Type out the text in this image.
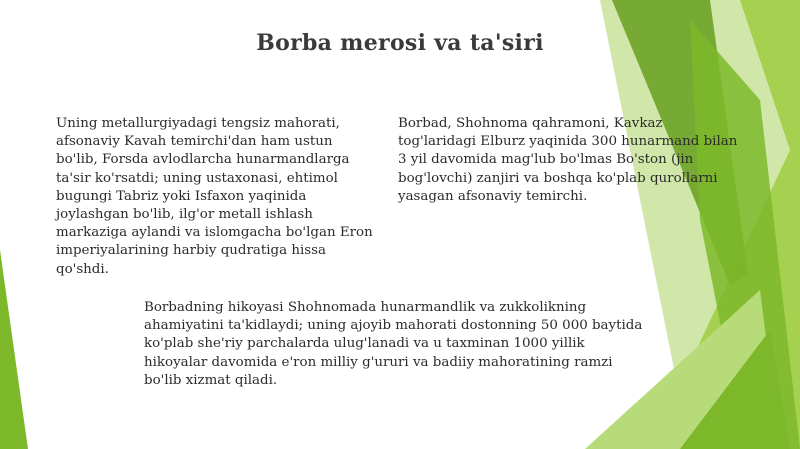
Borba merosi va ta'siri

Uning metallurgiyadagi tengsiz mahorati, afsonaviy Kavah temirchi'dan ham ustun bo'lib, Forsda avlodlarcha hunarmandlarga ta'sir ko'rsatdi; uning ustaxonasi, ehtimol bugungi Tabriz yoki Isfaxon yaqinida joylashgan bo'lib, ilg'or metall ishlash markaziga aylandi va islomgacha bo'lgan Eron imperiyalarining harbiy qudratiga hissa qo'shdi.

Borbad, Shohnoma qahramoni, Kavkaz tog'laridagi Elburz yaqinida 300 hunarmand bilan 3 yil davomida mag'lub bo'lmas Bo'ston (jin bog'lovchi) zanjiri va boshqa ko'plab qurollarni yasagan afsonaviy temirchi.

Borbadning hikoyasi Shohnomada hunarmandlik va zukkolikning ahamiyatini ta'kidlaydi; uning ajoyib mahorati dostonning 50 000 baytida ko'plab she'riy parchalarda ulug'lanadi va u taxminan 1000 yillik hikoyalar davomida e'ron milliy g'ururi va badiiy mahoratining ramzi bo'lib xizmat qiladi.
